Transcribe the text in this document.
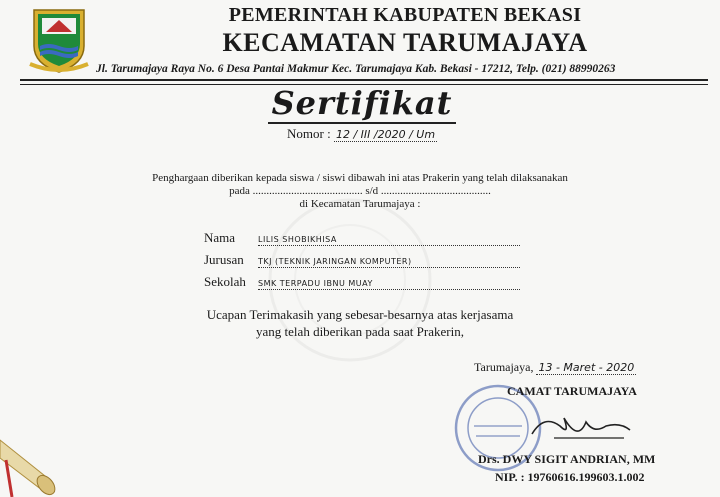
PEMERINTAH KABUPATEN BEKASI
KECAMATAN TARUMAJAYA
Jl. Tarumajaya Raya No. 6 Desa Pantai Makmur Kec. Tarumajaya Kab. Bekasi - 17212, Telp. (021) 88990263
Sertifikat
Nomor : 12 / III /2020 / Um
Penghargaan diberikan kepada siswa / siswi dibawah ini atas Prakerin yang telah dilaksanakan
pada ........................................ s/d ........................................
di Kecamatan Tarumajaya :
Nama	LILIS SHOBIKHISA
Jurusan	TKJ (TEKNIK JARINGAN KOMPUTER)
Sekolah	SMK TERPADU IBNU MUAY
Ucapan Terimakasih yang sebesar-besarnya atas kerjasama
yang telah diberikan pada saat Prakerin,
Tarumajaya, 13 - Maret - 2020
CAMAT TARUMAJAYA
Drs. DWY SIGIT ANDRIAN, MM
NIP. : 19760616.199603.1.002
